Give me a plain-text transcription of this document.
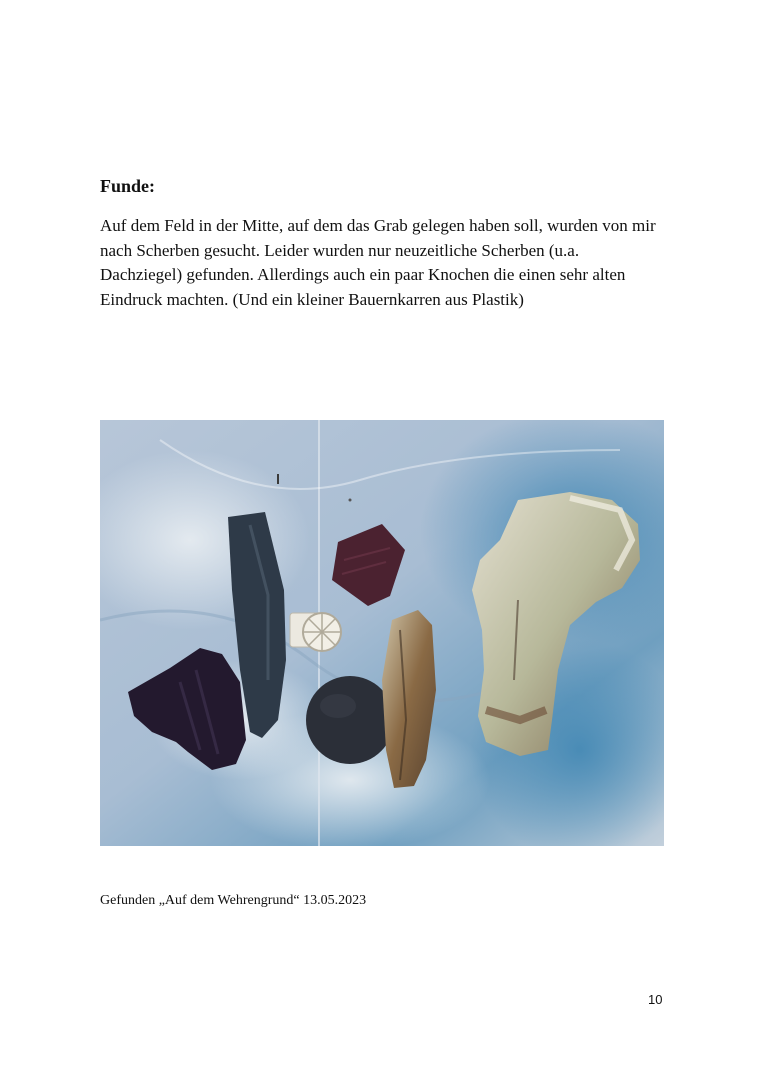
Funde:

Auf dem Feld in der Mitte, auf dem das Grab gelegen haben soll, wurden von mir nach Scherben gesucht. Leider wurden nur neuzeitliche Scherben (u.a. Dachziegel) gefunden. Allerdings auch ein paar Knochen die einen sehr alten Eindruck machten. (Und ein kleiner Bauernkarren aus Plastik)

Gefunden „Auf dem Wehrengrund“ 13.05.2023

10
